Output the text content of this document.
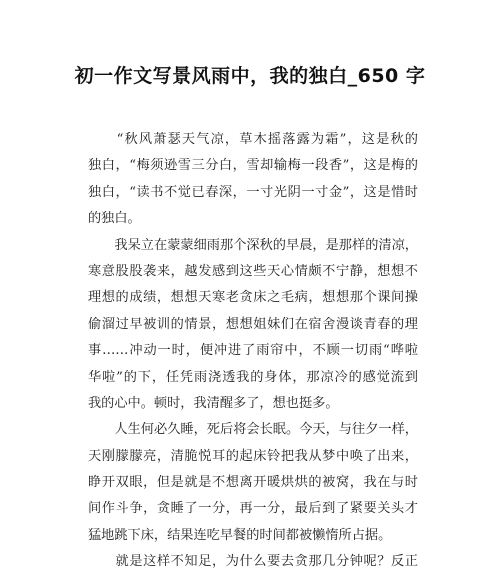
初一作文写景风雨中，我的独白_650 字
　　“秋风萧瑟天气凉，草木摇落露为霜”，这是秋的
独白，“梅须逊雪三分白，雪却输梅一段香”，这是梅的
独白，“读书不觉已春深，一寸光阴一寸金”，这是惜时
的独白。
　　我呆立在蒙蒙细雨那个深秋的早晨，是那样的清凉，
寒意股股袭来，越发感到这些天心情颇不宁静，想想不
理想的成绩，想想天寒老贪床之毛病，想想那个课间操
偷溜过早被训的情景，想想姐妹们在宿舍漫谈青春的理
事……冲动一时，便冲进了雨帘中，不顾一切雨“哗啦
华啦”的下，任凭雨浇透我的身体，那凉冷的感觉流到
我的心中。顿时，我清醒多了，想也挺多。
　　人生何必久睡，死后将会长眠。今天，与往夕一样，
天刚朦朦亮，清脆悦耳的起床铃把我从梦中唤了出来，
睁开双眼，但是就是不想离开暖烘烘的被窝，我在与时
间作斗争，贪睡了一分，再一分，最后到了紧要关头才
猛地跳下床，结果连吃早餐的时间都被懒惰所占据。
　　就是这样不知足，为什么要去贪那几分钟呢？反正
